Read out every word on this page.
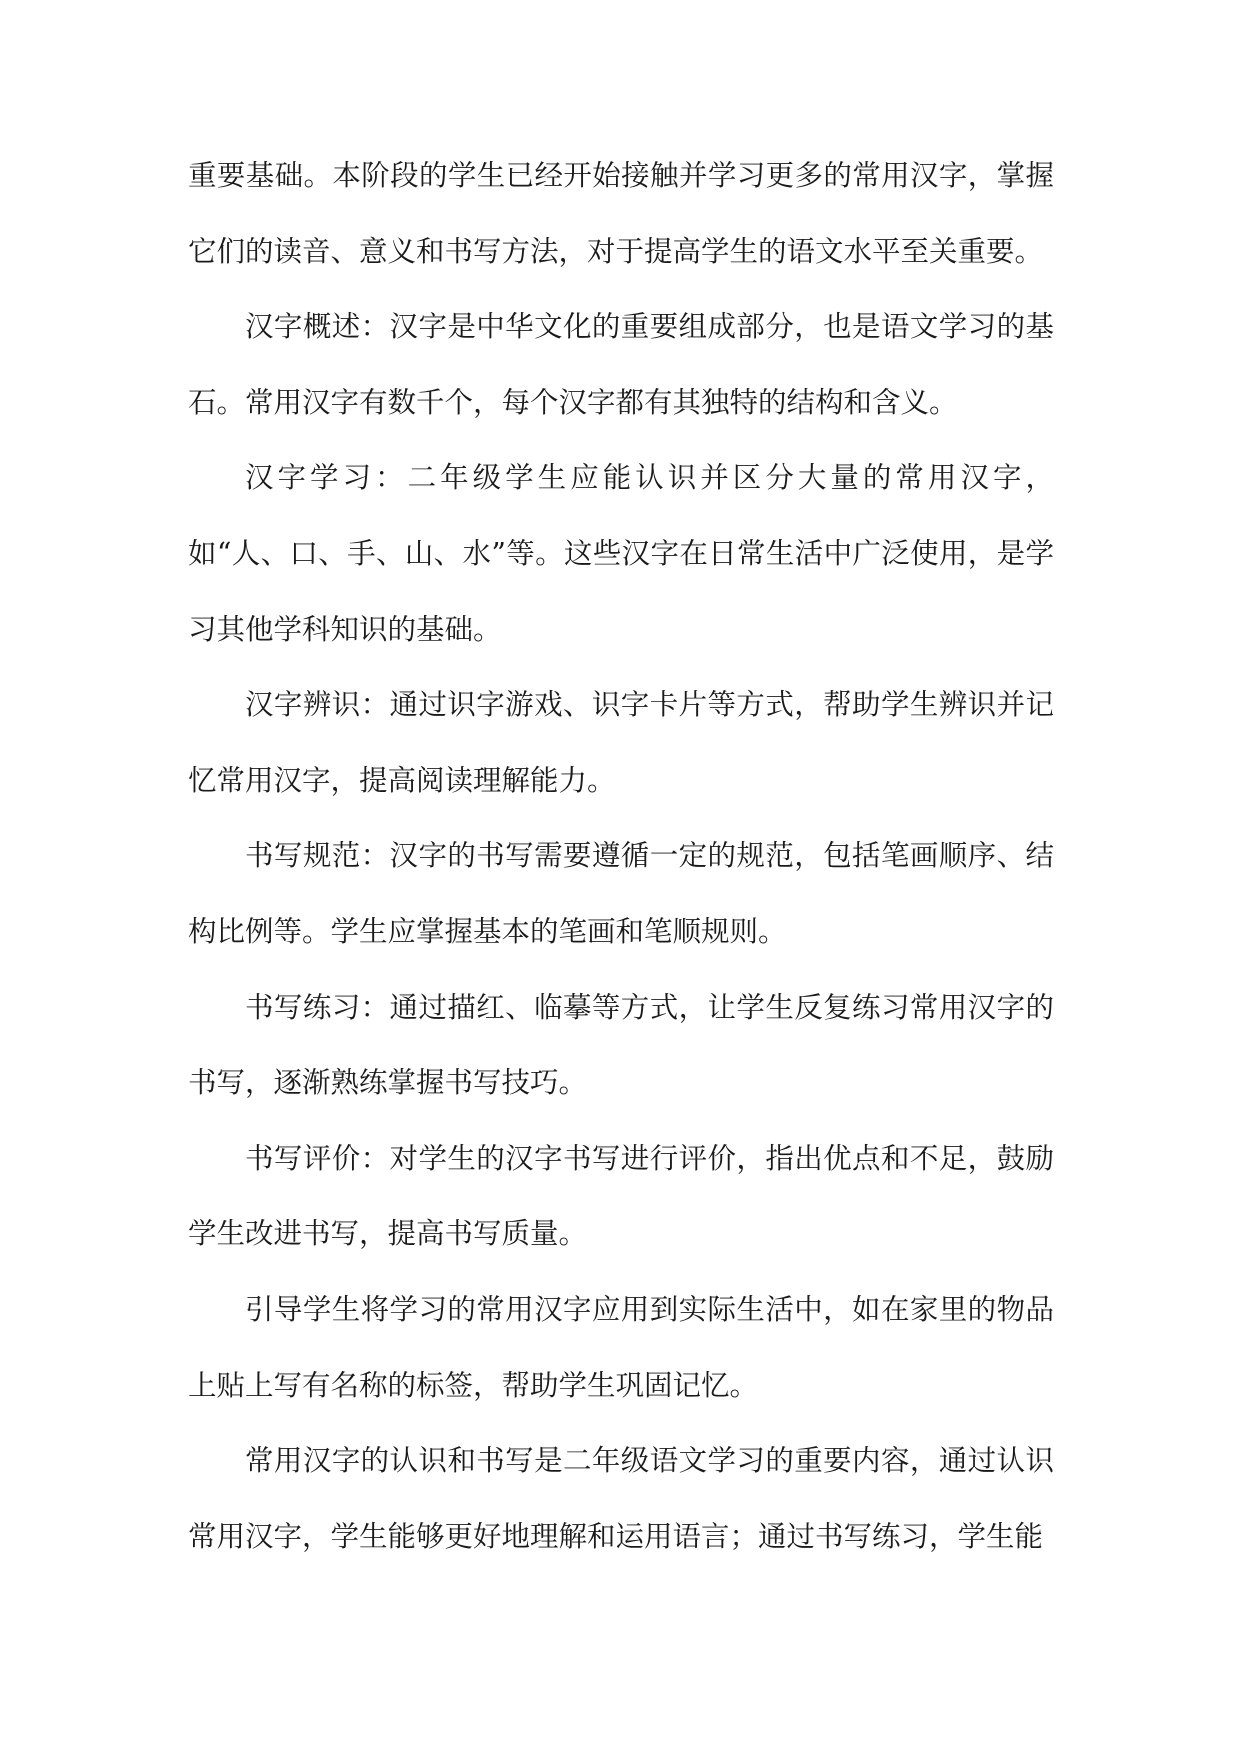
重要基础。本阶段的学生已经开始接触并学习更多的常用汉字，掌握它们的读音、意义和书写方法，对于提高学生的语文水平至关重要。

汉字概述：汉字是中华文化的重要组成部分，也是语文学习的基石。常用汉字有数千个，每个汉字都有其独特的结构和含义。

汉字学习：二年级学生应能认识并区分大量的常用汉字，如“人、口、手、山、水”等。这些汉字在日常生活中广泛使用，是学习其他学科知识的基础。

汉字辨识：通过识字游戏、识字卡片等方式，帮助学生辨识并记忆常用汉字，提高阅读理解能力。

书写规范：汉字的书写需要遵循一定的规范，包括笔画顺序、结构比例等。学生应掌握基本的笔画和笔顺规则。

书写练习：通过描红、临摹等方式，让学生反复练习常用汉字的书写，逐渐熟练掌握书写技巧。

书写评价：对学生的汉字书写进行评价，指出优点和不足，鼓励学生改进书写，提高书写质量。

引导学生将学习的常用汉字应用到实际生活中，如在家里的物品上贴上写有名称的标签，帮助学生巩固记忆。

常用汉字的认识和书写是二年级语文学习的重要内容，通过认识常用汉字，学生能够更好地理解和运用语言；通过书写练习，学生能
